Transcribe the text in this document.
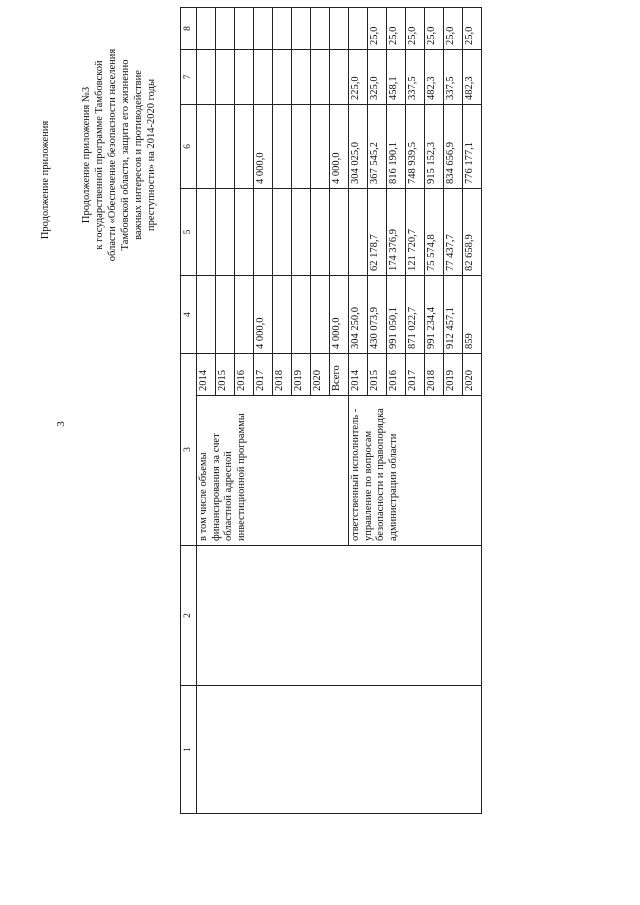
3
Продолжение приложения	Продолжение приложения №3 к государственной программе Тамбовской области «Обеспечение безопасности населения Тамбовской области, защита его жизненно важных интересов и противодействие преступности» на 2014-2020 годы
1	2	3		4	5	6	7	8
		в том числе объемы финансирования за счет областной адресной инвестиционной программы	2014					
			2015					
			2016					
			2017	4 000,0		4 000,0		
			2018					
			2019					
			2020					
			Всего	4 000,0		4 000,0		
		ответственный исполнитель - управление по вопросам безопасности и правопорядка администрации области	2014	304 250,0		304 025,0	225,0	
			2015	430 073,9	62 178,7	367 545,2	325,0	25,0
			2016	991 050,1	174 376,9	816 190,1	458,1	25,0
			2017	871 022,7	121 720,7	748 939,5	337,5	25,0
			2018	991 234,4	75 574,8	915 152,3	482,3	25,0
			2019	912 457,1	77 437,7	834 656,9	337,5	25,0
			2020	859	82 658,9	776 177,1	482,3	25,0
